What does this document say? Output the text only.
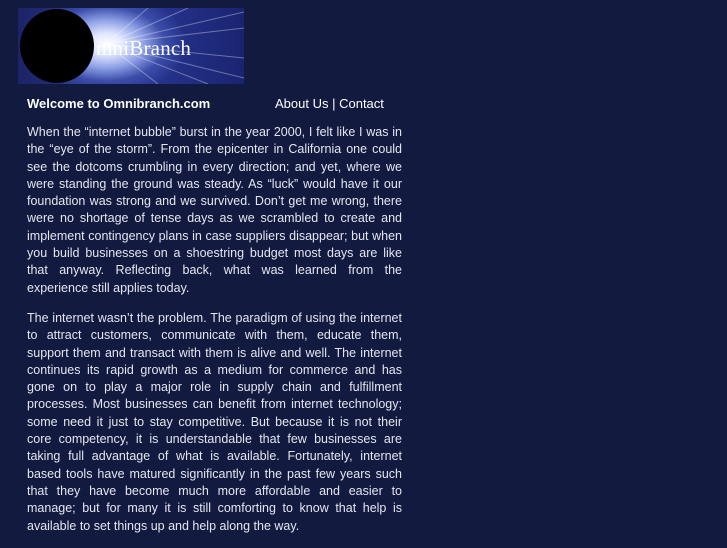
mniBranch
Welcome to Omnibranch.com	About Us | Contact

When the “internet bubble” burst in the year 2000, I felt like I was in the “eye of the storm”. From the epicenter in California one could see the dotcoms crumbling in every direction; and yet, where we were standing the ground was steady. As “luck” would have it our foundation was strong and we survived. Don’t get me wrong, there were no shortage of tense days as we scrambled to create and implement contingency plans in case suppliers disappear; but when you build businesses on a shoestring budget most days are like that anyway. Reflecting back, what was learned from the experience still applies today.

The internet wasn’t the problem. The paradigm of using the internet to attract customers, communicate with them, educate them, support them and transact with them is alive and well. The internet continues its rapid growth as a medium for commerce and has gone on to play a major role in supply chain and fulfillment processes. Most businesses can benefit from internet technology; some need it just to stay competitive. But because it is not their core competency, it is understandable that few businesses are taking full advantage of what is available. Fortunately, internet based tools have matured significantly in the past few years such that they have become much more affordable and easier to manage; but for many it is still comforting to know that help is available to set things up and help along the way.
